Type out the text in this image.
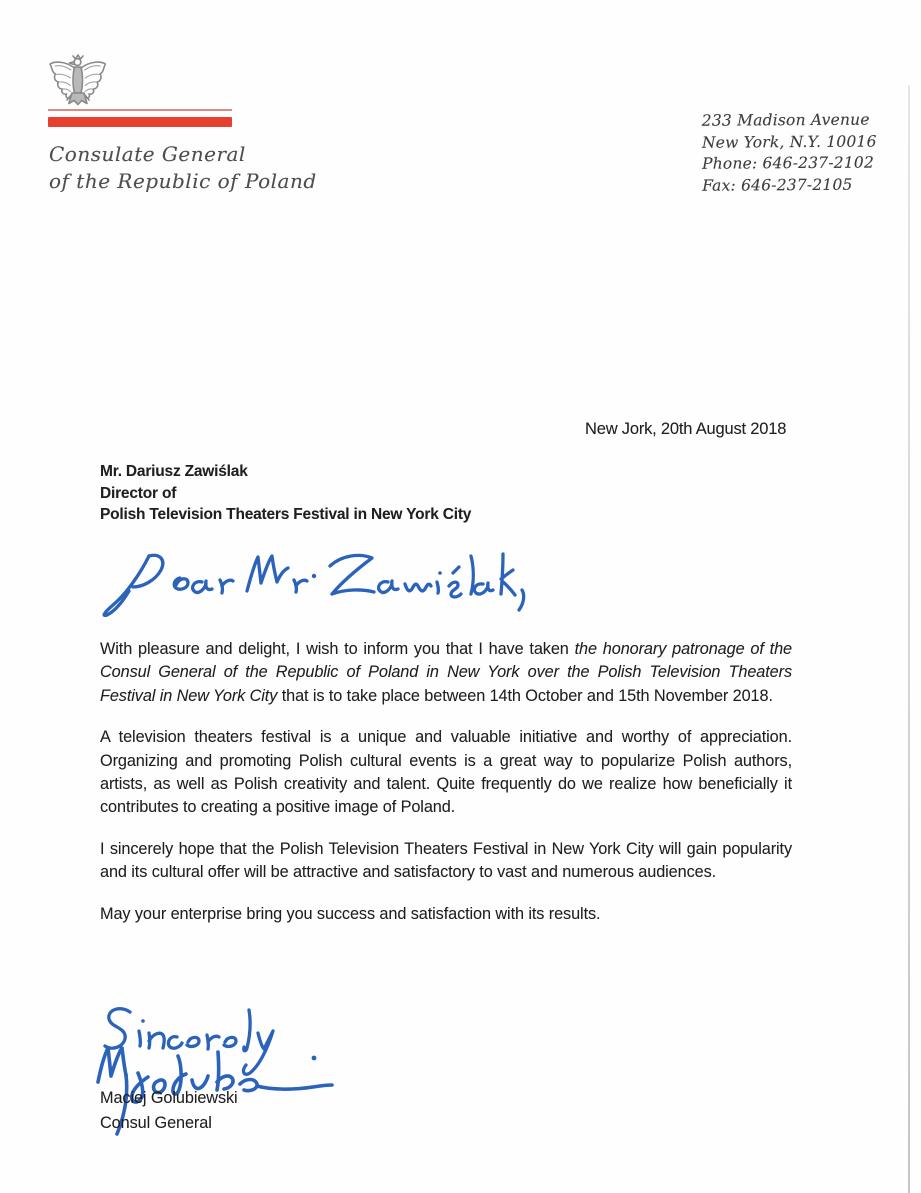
Consulate General
of the Republic of Poland
233 Madison Avenue
New York, N.Y. 10016
Phone: 646-237-2102
Fax: 646-237-2105
New Jork, 20th August 2018
Mr. Dariusz Zawiślak
Director of
Polish Television Theaters Festival in New York City

With pleasure and delight, I wish to inform you that I have taken the honorary patronage of the Consul General of the Republic of Poland in New York over the Polish Television Theaters Festival in New York City that is to take place between 14th October and 15th November 2018.

A television theaters festival is a unique and valuable initiative and worthy of appreciation. Organizing and promoting Polish cultural events is a great way to popularize Polish authors, artists, as well as Polish creativity and talent. Quite frequently do we realize how beneficially it contributes to creating a positive image of Poland.

I sincerely hope that the Polish Television Theaters Festival in New York City will gain popularity and its cultural offer will be attractive and satisfactory to vast and numerous audiences.

May your enterprise bring you success and satisfaction with its results.

Maciej Golubiewski
Consul General
